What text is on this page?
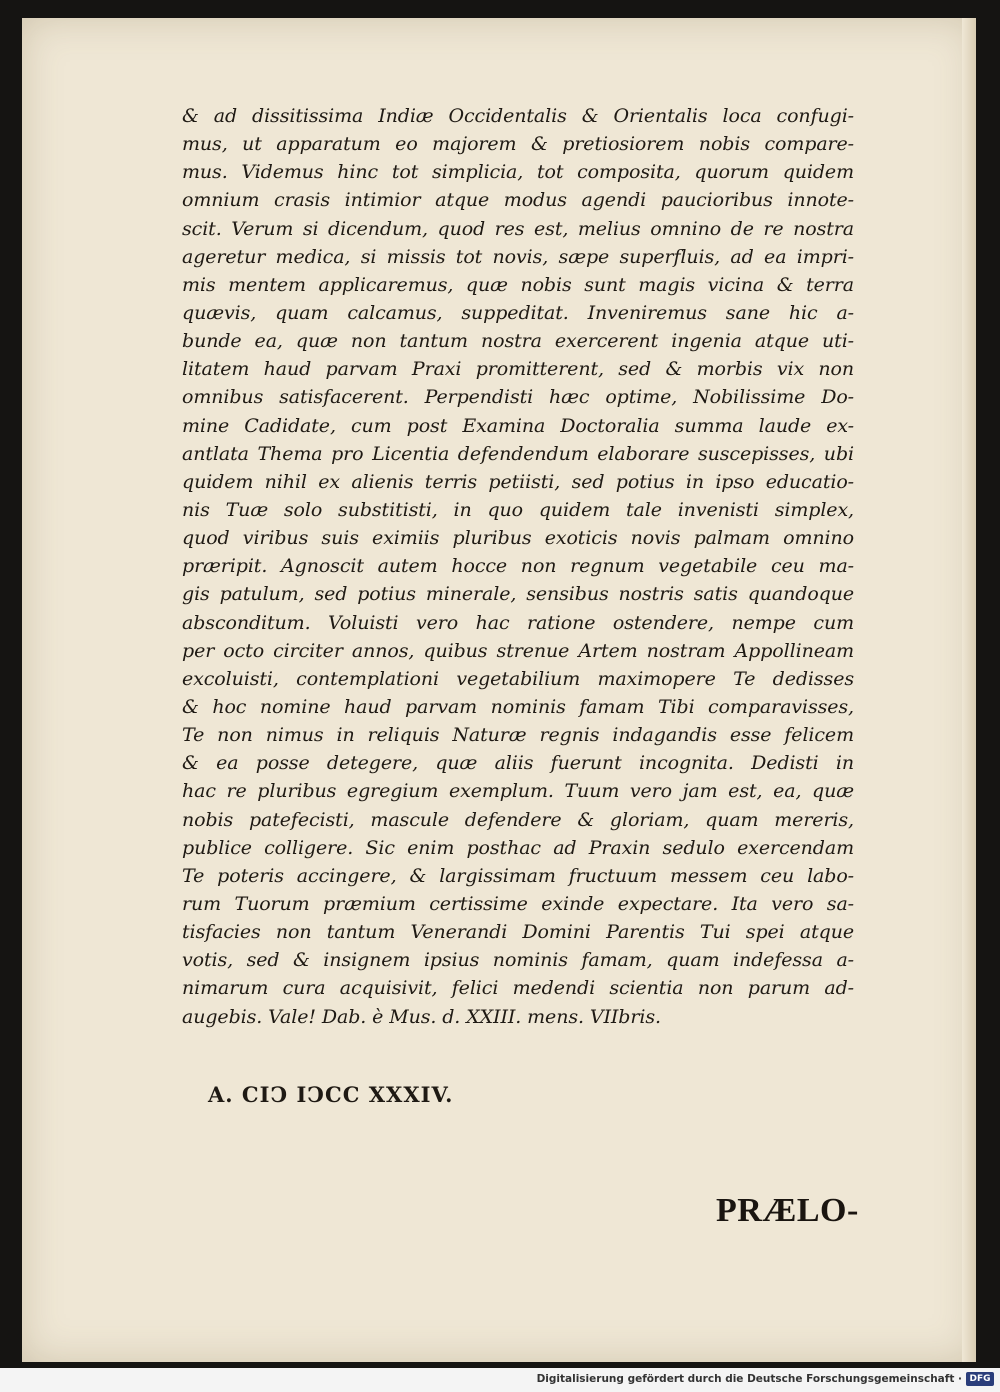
& ad dissitissima Indiæ Occidentalis & Orientalis loca confugi-
mus, ut apparatum eo majorem & pretiosiorem nobis compare-
mus. Videmus hinc tot simplicia, tot composita, quorum quidem
omnium crasis intimior atque modus agendi paucioribus innote-
scit. Verum si dicendum, quod res est, melius omnino de re nostra
ageretur medica, si missis tot novis, sæpe superfluis, ad ea impri-
mis mentem applicaremus, quæ nobis sunt magis vicina & terra
quævis, quam calcamus, suppeditat. Inveniremus sane hic a-
bunde ea, quæ non tantum nostra exercerent ingenia atque uti-
litatem haud parvam Praxi promitterent, sed & morbis vix non
omnibus satisfacerent. Perpendisti hæc optime, Nobilissime Do-
mine Cadidate, cum post Examina Doctoralia summa laude ex-
antlata Thema pro Licentia defendendum elaborare suscepisses, ubi
quidem nihil ex alienis terris petiisti, sed potius in ipso educatio-
nis Tuæ solo substitisti, in quo quidem tale invenisti simplex,
quod viribus suis eximiis pluribus exoticis novis palmam omnino
præripit. Agnoscit autem hocce non regnum vegetabile ceu ma-
gis patulum, sed potius minerale, sensibus nostris satis quandoque
absconditum. Voluisti vero hac ratione ostendere, nempe cum
per octo circiter annos, quibus strenue Artem nostram Appollineam
excoluisti, contemplationi vegetabilium maximopere Te dedisses
& hoc nomine haud parvam nominis famam Tibi comparavisses,
Te non nimus in reliquis Naturæ regnis indagandis esse felicem
& ea posse detegere, quæ aliis fuerunt incognita. Dedisti in
hac re pluribus egregium exemplum. Tuum vero jam est, ea, quæ
nobis patefecisti, mascule defendere & gloriam, quam mereris,
publice colligere. Sic enim posthac ad Praxin sedulo exercendam
Te poteris accingere, & largissimam fructuum messem ceu labo-
rum Tuorum præmium certissime exinde expectare. Ita vero sa-
tisfacies non tantum Venerandi Domini Parentis Tui spei atque
votis, sed & insignem ipsius nominis famam, quam indefessa a-
nimarum cura acquisivit, felici medendi scientia non parum ad-
augebis. Vale! Dab. è Mus. d. XXIII. mens. VIIbris.
A. CIↃ IↃCC XXXIV.
PRÆLO-
Digitalisierung gefördert durch die Deutsche Forschungsgemeinschaft · DFG
